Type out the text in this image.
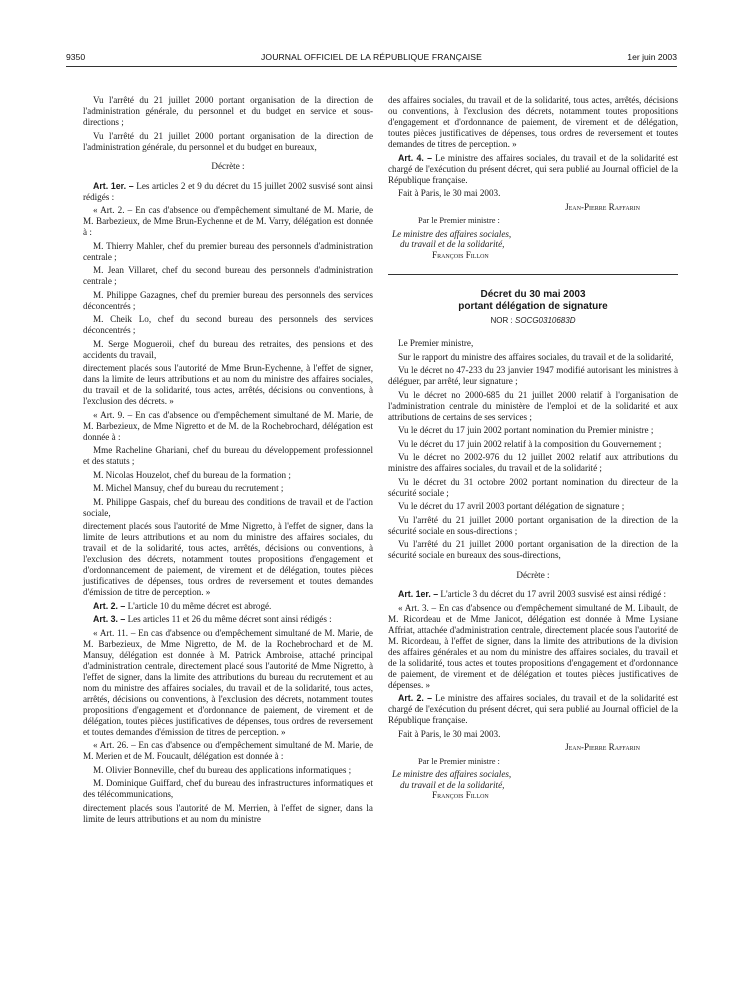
9350	JOURNAL OFFICIEL DE LA RÉPUBLIQUE FRANÇAISE	1er juin 2003

Vu l'arrêté du 21 juillet 2000 portant organisation de la direction de l'administration générale, du personnel et du budget en service et sous-directions ;

Vu l'arrêté du 21 juillet 2000 portant organisation de la direction de l'administration générale, du personnel et du budget en bureaux,

Décrète :

Art. 1er. – Les articles 2 et 9 du décret du 15 juillet 2002 susvisé sont ainsi rédigés :

« Art. 2. – En cas d'absence ou d'empêchement simultané de M. Marie, de M. Barbezieux, de Mme Brun-Eychenne et de M. Varry, délégation est donnée à :

M. Thierry Mahler, chef du premier bureau des personnels d'administration centrale ;

M. Jean Villaret, chef du second bureau des personnels d'administration centrale ;

M. Philippe Gazagnes, chef du premier bureau des personnels des services déconcentrés ;

M. Cheik Lo, chef du second bureau des personnels des services déconcentrés ;

M. Serge Mogueroii, chef du bureau des retraites, des pensions et des accidents du travail,

directement placés sous l'autorité de Mme Brun-Eychenne, à l'effet de signer, dans la limite de leurs attributions et au nom du ministre des affaires sociales, du travail et de la solidarité, tous actes, arrêtés, décisions ou conventions, à l'exclusion des décrets. »

« Art. 9. – En cas d'absence ou d'empêchement simultané de M. Marie, de M. Barbezieux, de Mme Nigretto et de M. de la Rochebrochard, délégation est donnée à :

Mme Racheline Ghariani, chef du bureau du développement professionnel et des statuts ;

M. Nicolas Houzelot, chef du bureau de la formation ;

M. Michel Mansuy, chef du bureau du recrutement ;

M. Philippe Gaspais, chef du bureau des conditions de travail et de l'action sociale,

directement placés sous l'autorité de Mme Nigretto, à l'effet de signer, dans la limite de leurs attributions et au nom du ministre des affaires sociales, du travail et de la solidarité, tous actes, arrêtés, décisions ou conventions, à l'exclusion des décrets, notamment toutes propositions d'engagement et d'ordonnancement de paiement, de virement et de délégation, toutes pièces justificatives de dépenses, tous ordres de reversement et toutes demandes d'émission de titre de perception. »

Art. 2. – L'article 10 du même décret est abrogé.

Art. 3. – Les articles 11 et 26 du même décret sont ainsi rédigés :

« Art. 11. – En cas d'absence ou d'empêchement simultané de M. Marie, de M. Barbezieux, de Mme Nigretto, de M. de la Rochebrochard et de M. Mansuy, délégation est donnée à M. Patrick Ambroise, attaché principal d'administration centrale, directement placé sous l'autorité de Mme Nigretto, à l'effet de signer, dans la limite des attributions du bureau du recrutement et au nom du ministre des affaires sociales, du travail et de la solidarité, tous actes, arrêtés, décisions ou conventions, à l'exclusion des décrets, notamment toutes propositions d'engagement et d'ordonnance de paiement, de virement et de délégation, toutes pièces justificatives de dépenses, tous ordres de reversement et toutes demandes d'émission de titres de perception. »

« Art. 26. – En cas d'absence ou d'empêchement simultané de M. Marie, de M. Merien et de M. Foucault, délégation est donnée à :

M. Olivier Bonneville, chef du bureau des applications informatiques ;

M. Dominique Guiffard, chef du bureau des infrastructures informatiques et des télécommunications,

directement placés sous l'autorité de M. Merrien, à l'effet de signer, dans la limite de leurs attributions et au nom du ministre

des affaires sociales, du travail et de la solidarité, tous actes, arrêtés, décisions ou conventions, à l'exclusion des décrets, notamment toutes propositions d'engagement et d'ordonnance de paiement, de virement et de délégation, toutes pièces justificatives de dépenses, tous ordres de reversement et toutes demandes de titres de perception. »

Art. 4. – Le ministre des affaires sociales, du travail et de la solidarité est chargé de l'exécution du présent décret, qui sera publié au Journal officiel de la République française.

Fait à Paris, le 30 mai 2003.

Jean-Pierre Raffarin

Par le Premier ministre :

Le ministre des affaires sociales,
du travail et de la solidarité,
François Fillon

Décret du 30 mai 2003
portant délégation de signature
NOR : SOCG0310683D

Le Premier ministre,

Sur le rapport du ministre des affaires sociales, du travail et de la solidarité,

Vu le décret no 47-233 du 23 janvier 1947 modifié autorisant les ministres à déléguer, par arrêté, leur signature ;

Vu le décret no 2000-685 du 21 juillet 2000 relatif à l'organisation de l'administration centrale du ministère de l'emploi et de la solidarité et aux attributions de certains de ses services ;

Vu le décret du 17 juin 2002 portant nomination du Premier ministre ;

Vu le décret du 17 juin 2002 relatif à la composition du Gouvernement ;

Vu le décret no 2002-976 du 12 juillet 2002 relatif aux attributions du ministre des affaires sociales, du travail et de la solidarité ;

Vu le décret du 31 octobre 2002 portant nomination du directeur de la sécurité sociale ;

Vu le décret du 17 avril 2003 portant délégation de signature ;

Vu l'arrêté du 21 juillet 2000 portant organisation de la direction de la sécurité sociale en sous-directions ;

Vu l'arrêté du 21 juillet 2000 portant organisation de la direction de la sécurité sociale en bureaux des sous-directions,

Décrète :

Art. 1er. – L'article 3 du décret du 17 avril 2003 susvisé est ainsi rédigé :

« Art. 3. – En cas d'absence ou d'empêchement simultané de M. Libault, de M. Ricordeau et de Mme Janicot, délégation est donnée à Mme Lysiane Affriat, attachée d'administration centrale, directement placée sous l'autorité de M. Ricordeau, à l'effet de signer, dans la limite des attributions de la division des affaires générales et au nom du ministre des affaires sociales, du travail et de la solidarité, tous actes et toutes propositions d'engagement et d'ordonnance de paiement, de virement et de délégation et toutes pièces justificatives de dépenses. »

Art. 2. – Le ministre des affaires sociales, du travail et de la solidarité est chargé de l'exécution du présent décret, qui sera publié au Journal officiel de la République française.

Fait à Paris, le 30 mai 2003.

Jean-Pierre Raffarin

Par le Premier ministre :

Le ministre des affaires sociales,
du travail et de la solidarité,
François Fillon
